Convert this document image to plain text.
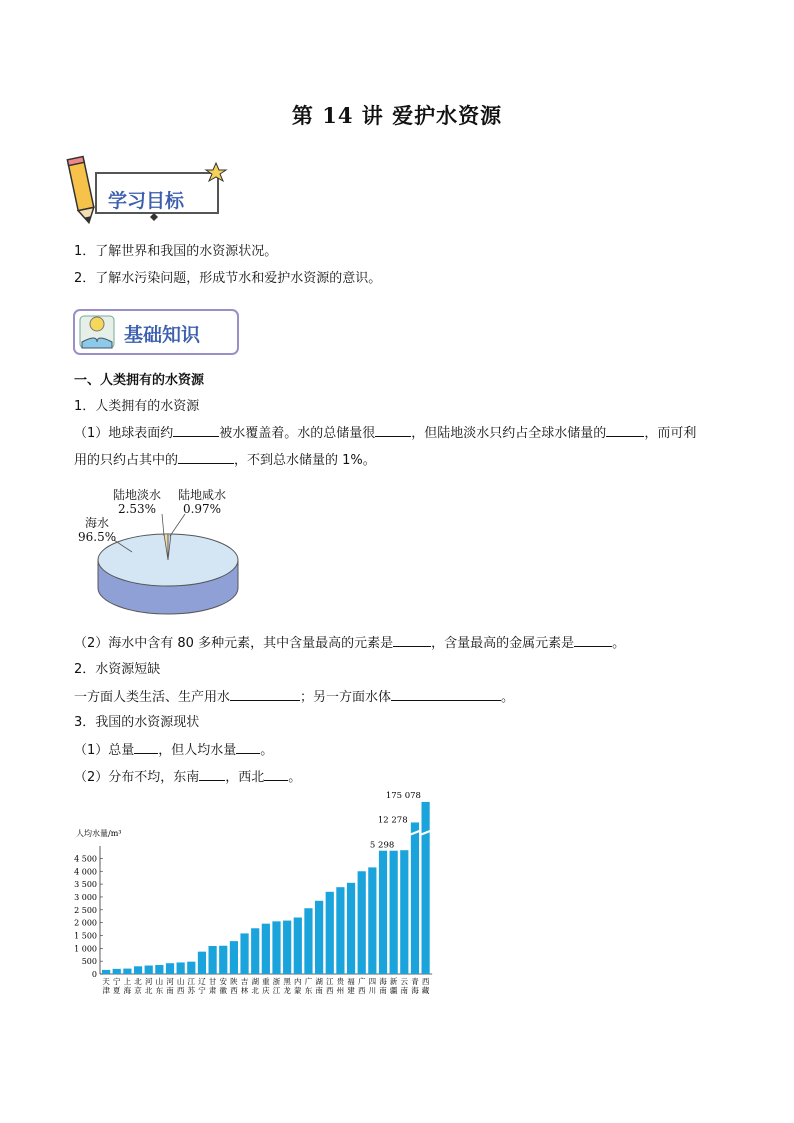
第 14 讲 爱护水资源
学习目标
1．了解世界和我国的水资源状况。
2．了解水污染问题，形成节水和爱护水资源的意识。
基础知识
一、人类拥有的水资源
1．人类拥有的水资源
（1）地球表面约	被水覆盖着。水的总储量很	，但陆地淡水只约占全球水储量的	，而可利
用的只约占其中的	，不到总水储量的 1%。
陆地淡水
2.53%
陆地咸水
0.97%
海水
96.5%
（2）海水中含有 80 多种元素，其中含量最高的元素是	，含量最高的金属元素是	。
2．水资源短缺
一方面人类生活、生产用水	；另一方面水体	。
3．我国的水资源现状
（1）总量 ，但人均水量 。
（2）分布不均，东南 ，西北 。
人均水量/m³
0
500
1 000
1 500
2 000
2 500
3 000
3 500
4 000
4 500
天
津
宁
夏
上
海
北
京
河
北
山
东
河
南
山
西
江
苏
辽
宁
甘
肃
安
徽
陕
西
吉
林
湖
北
重
庆
浙
江
黑
龙
内
蒙
广
东
湖
南
江
西
贵
州
福
建
广
西
四
川
海
南
新
疆
云
南
青
海
西
藏
5 298
12 278
175 078
